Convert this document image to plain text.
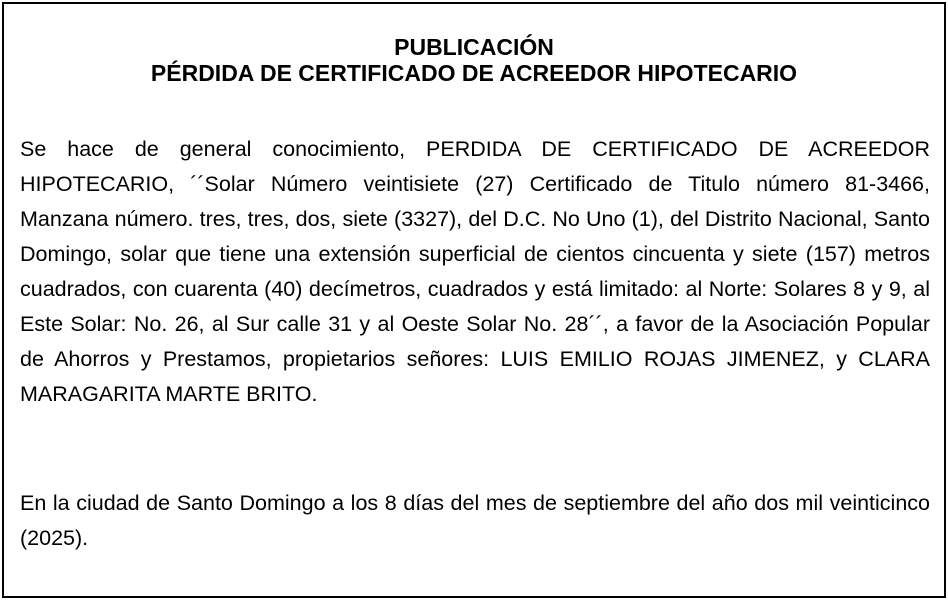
PUBLICACIÓN
PÉRDIDA DE CERTIFICADO DE ACREEDOR HIPOTECARIO

Se hace de general conocimiento, PERDIDA DE CERTIFICADO DE ACREEDOR HIPOTECARIO, ´´Solar Número veintisiete (27) Certificado de Titulo número 81-3466, Manzana número. tres, tres, dos, siete (3327), del D.C. No Uno (1), del Distrito Nacional, Santo Domingo, solar que tiene una extensión superficial de cientos cincuenta y siete (157) metros cuadrados, con cuarenta (40) decímetros, cuadrados y está limitado: al Norte: Solares 8 y 9, al Este Solar: No. 26, al Sur calle 31 y al Oeste Solar No. 28´´, a favor de la Asociación Popular de Ahorros y Prestamos, propietarios señores: LUIS EMILIO ROJAS JIMENEZ, y CLARA MARAGARITA MARTE BRITO.

En la ciudad de Santo Domingo a los 8 días del mes de septiembre del año dos mil veinticinco (2025).
